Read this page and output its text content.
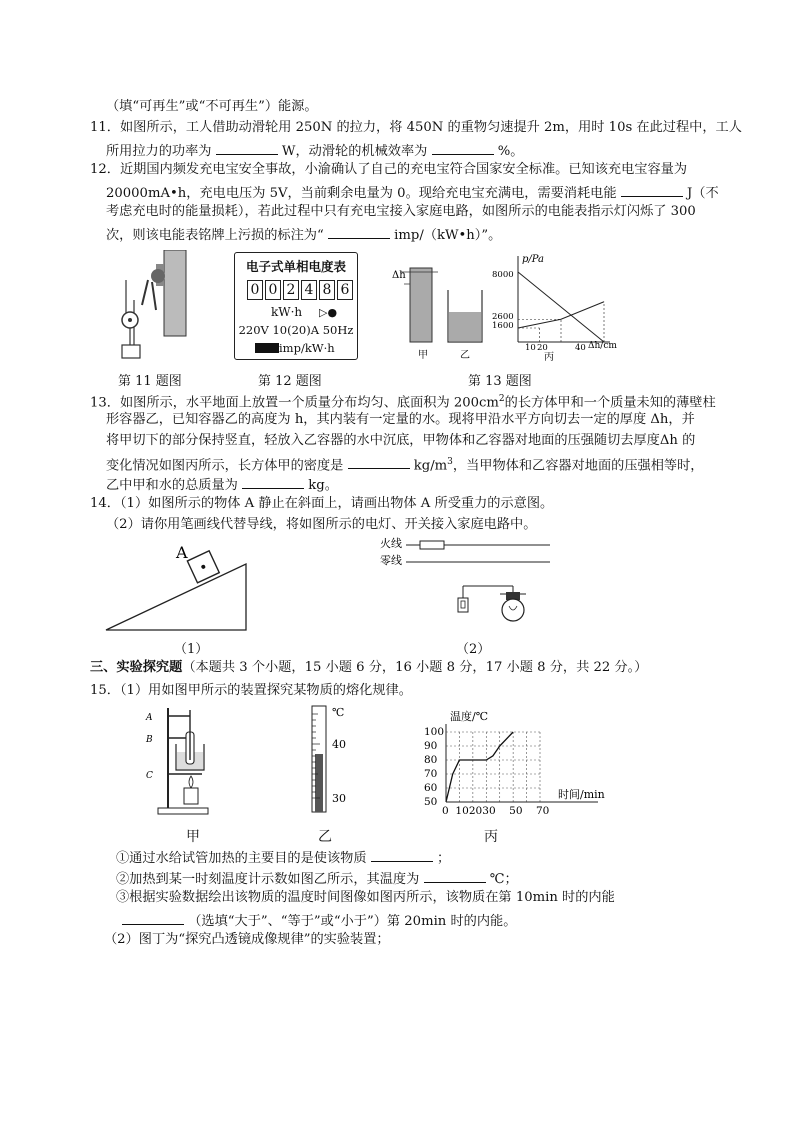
（填“可再生”或“不可再生”）能源。
11．如图所示，工人借助动滑轮用 250N 的拉力，将 450N 的重物匀速提升 2m，用时 10s 在此过程中，工人
所用拉力的功率为	W，动滑轮的机械效率为	%。
12．近期国内频发充电宝安全事故，小渝确认了自己的充电宝符合国家安全标准。已知该充电宝容量为
20000mA•h，充电电压为 5V，当前剩余电量为 0。现给充电宝充满电，需要消耗电能	J（不
考虑充电时的能量损耗），若此过程中只有充电宝接入家庭电路，如图所示的电能表指示灯闪烁了 300
次，则该电能表铭牌上污损的标注为“	imp/（kW•h）”。
电子式单相电度表
0 0 2 4 8 6
kW·h ▷●
220V 10(20)A 50Hz
imp/kW·h
Δh
甲	乙
p/Pa
Δh/cm
8000
2600
1600
10 20	40
丙
第 11 题图	第 12 题图	第 13 题图
13．如图所示，水平地面上放置一个质量分布均匀、底面积为 $200cm^2$的长方体甲和一个质量未知的薄壁柱
形容器乙，已知容器乙的高度为 h，其内装有一定量的水。现将甲沿水平方向切去一定的厚度 Δh，并
将甲切下的部分保持竖直，轻放入乙容器的水中沉底，甲物体和乙容器对地面的压强随切去厚度Δh 的
变化情况如图丙所示，长方体甲的密度是	$kg/m^3$，当甲物体和乙容器对地面的压强相等时，
乙中甲和水的总质量为	kg。
14．（1）如图所示的物体 A 静止在斜面上，请画出物体 A 所受重力的示意图。
（2）请你用笔画线代替导线，将如图所示的电灯、开关接入家庭电路中。
A
（1）
火线
零线
（2）
三、实验探究题（本题共 3 个小题，15 小题 6 分，16 小题 8 分，17 小题 8 分，共 22 分。）
15．（1）用如图甲所示的装置探究某物质的熔化规律。
A
B
C
甲
℃
40
30
乙
温度/℃
时间/min
100
90
80
70
60
50
0 10 20 30 50 70
丙
①通过水给试管加热的主要目的是使该物质	；
②加热到某一时刻温度计示数如图乙所示，其温度为	℃；
③根据实验数据绘出该物质的温度时间图像如图丙所示，该物质在第 10min 时的内能
（选填“大于”、“等于”或“小于”）第 20min 时的内能。
（2）图丁为“探究凸透镜成像规律”的实验装置；
